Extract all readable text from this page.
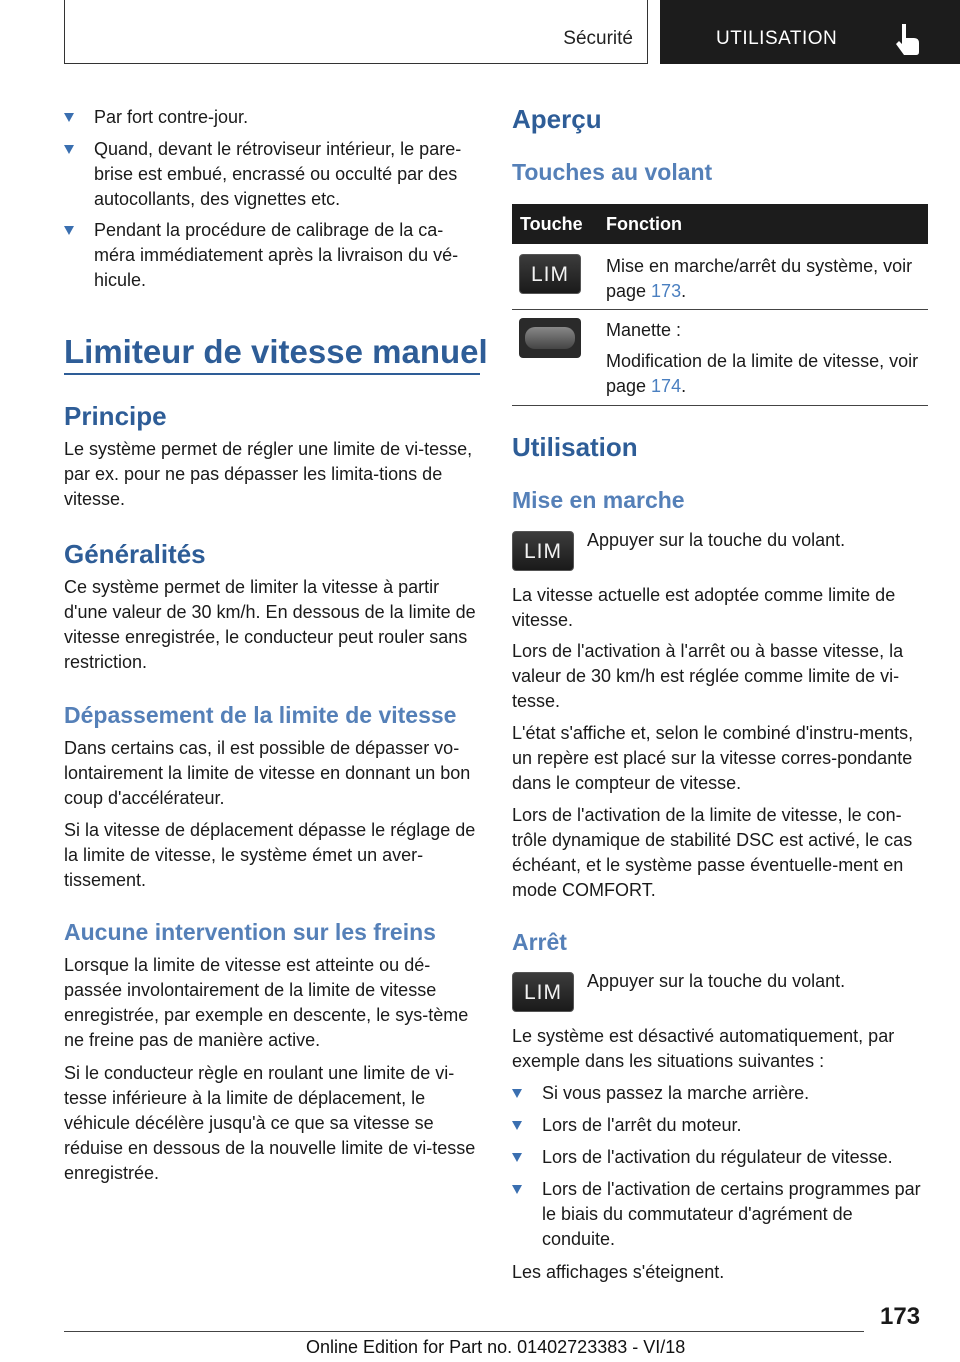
Sécurité	UTILISATION
Par fort contre-jour.
Quand, devant le rétroviseur intérieur, le pare-brise est embué, encrassé ou occulté par des autocollants, des vignettes etc.
Pendant la procédure de calibrage de la ca-méra immédiatement après la livraison du vé-hicule.
Limiteur de vitesse manuel
Principe

Le système permet de régler une limite de vi-tesse, par ex. pour ne pas dépasser les limita-tions de vitesse.

Généralités

Ce système permet de limiter la vitesse à partir d'une valeur de 30 km/h. En dessous de la limite de vitesse enregistrée, le conducteur peut rouler sans restriction.

Dépassement de la limite de vitesse

Dans certains cas, il est possible de dépasser vo-lontairement la limite de vitesse en donnant un bon coup d'accélérateur.

Si la vitesse de déplacement dépasse le réglage de la limite de vitesse, le système émet un aver-tissement.

Aucune intervention sur les freins

Lorsque la limite de vitesse est atteinte ou dé-passée involontairement de la limite de vitesse enregistrée, par exemple en descente, le sys-tème ne freine pas de manière active.

Si le conducteur règle en roulant une limite de vi-tesse inférieure à la limite de déplacement, le véhicule décélère jusqu'à ce que sa vitesse se réduise en dessous de la nouvelle limite de vi-tesse enregistrée.

Aperçu
Touches au volant
Touche Fonction
LIM	Mise en marche/arrêt du système, voir page 173.

Manette :

Modification de la limite de vitesse, voir page 174.

Utilisation
Mise en marche
LIM	Appuyer sur la touche du volant.

La vitesse actuelle est adoptée comme limite de vitesse.

Lors de l'activation à l'arrêt ou à basse vitesse, la valeur de 30 km/h est réglée comme limite de vi-tesse.

L'état s'affiche et, selon le combiné d'instru-ments, un repère est placé sur la vitesse corres-pondante dans le compteur de vitesse.

Lors de l'activation de la limite de vitesse, le con-trôle dynamique de stabilité DSC est activé, le cas échéant, et le système passe éventuelle-ment en mode COMFORT.

Arrêt
LIM	Appuyer sur la touche du volant.

Le système est désactivé automatiquement, par exemple dans les situations suivantes :

Si vous passez la marche arrière.
Lors de l'arrêt du moteur.
Lors de l'activation du régulateur de vitesse.
Lors de l'activation de certains programmes par le biais du commutateur d'agrément de conduite.

Les affichages s'éteignent.

173
Online Edition for Part no. 01402723383 - VI/18
